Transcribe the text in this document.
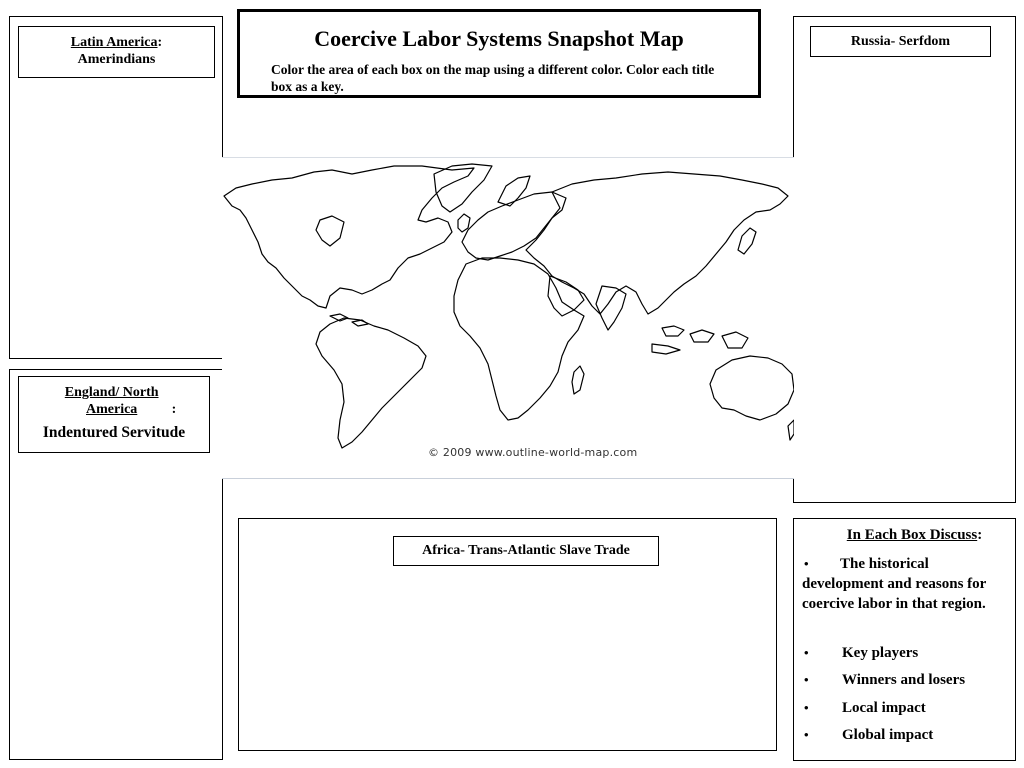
Coercive Labor Systems Snapshot Map
Color the area of each box on the map using a different color. Color each title box as a key.
Latin America:
Amerindians
England/ North America :
Indentured Servitude
Russia- Serfdom
Africa- Trans-Atlantic Slave Trade
In Each Box Discuss:
•	The historical development and reasons for coercive labor in that region.
•	Key players
•	Winners and losers
•	Local impact
•	Global impact
© 2009 www.outline-world-map.com
